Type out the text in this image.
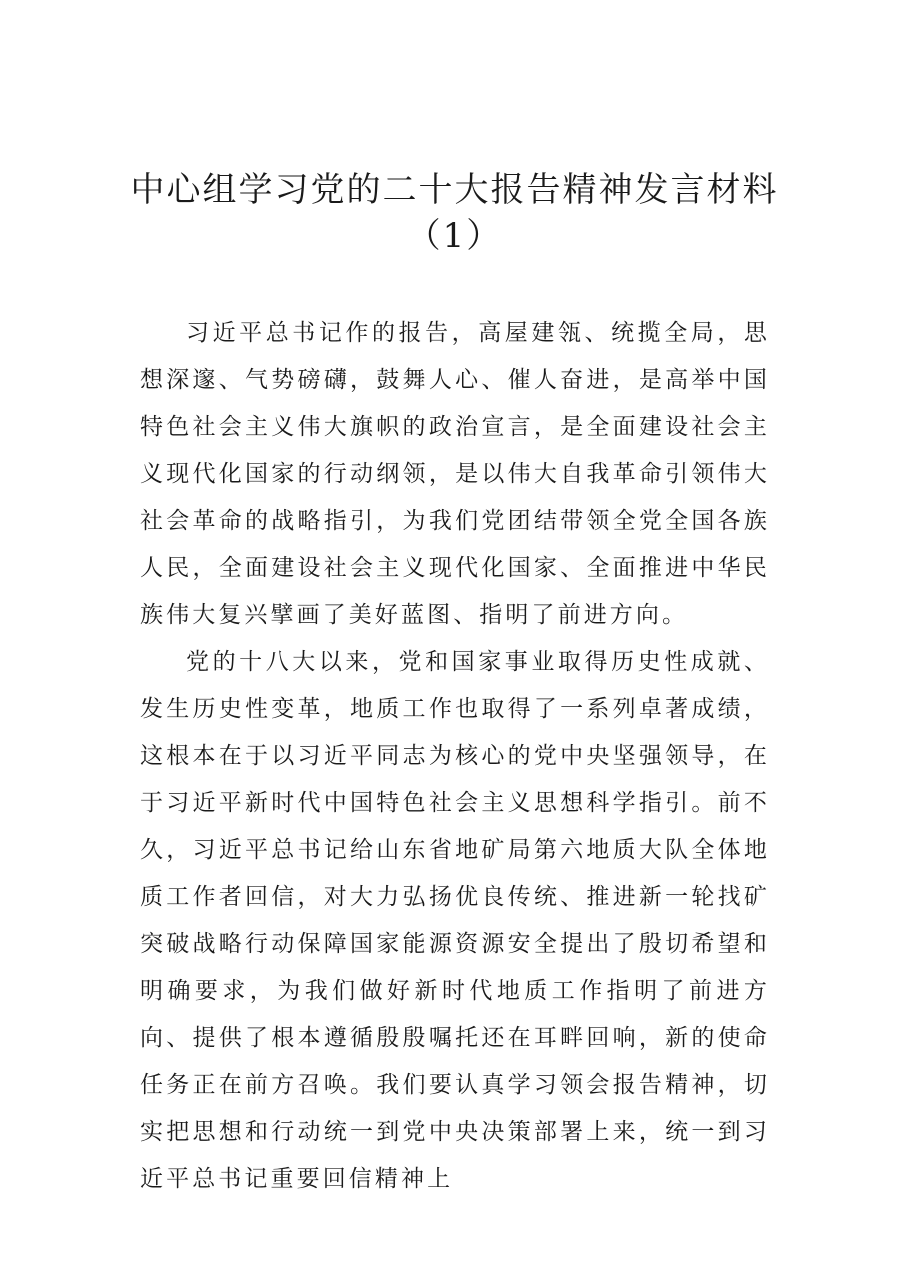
中心组学习党的二十大报告精神发言材料
（1）

习近平总书记作的报告，高屋建瓴、统揽全局，思想深邃、气势磅礴，鼓舞人心、催人奋进，是高举中国特色社会主义伟大旗帜的政治宣言，是全面建设社会主义现代化国家的行动纲领，是以伟大自我革命引领伟大社会革命的战略指引，为我们党团结带领全党全国各族人民，全面建设社会主义现代化国家、全面推进中华民族伟大复兴擘画了美好蓝图、指明了前进方向。

党的十八大以来，党和国家事业取得历史性成就、发生历史性变革，地质工作也取得了一系列卓著成绩，这根本在于以习近平同志为核心的党中央坚强领导，在于习近平新时代中国特色社会主义思想科学指引。前不久，习近平总书记给山东省地矿局第六地质大队全体地质工作者回信，对大力弘扬优良传统、推进新一轮找矿突破战略行动保障国家能源资源安全提出了殷切希望和明确要求，为我们做好新时代地质工作指明了前进方向、提供了根本遵循殷殷嘱托还在耳畔回响，新的使命任务正在前方召唤。我们要认真学习领会报告精神，切实把思想和行动统一到党中央决策部署上来，统一到习近平总书记重要回信精神上
